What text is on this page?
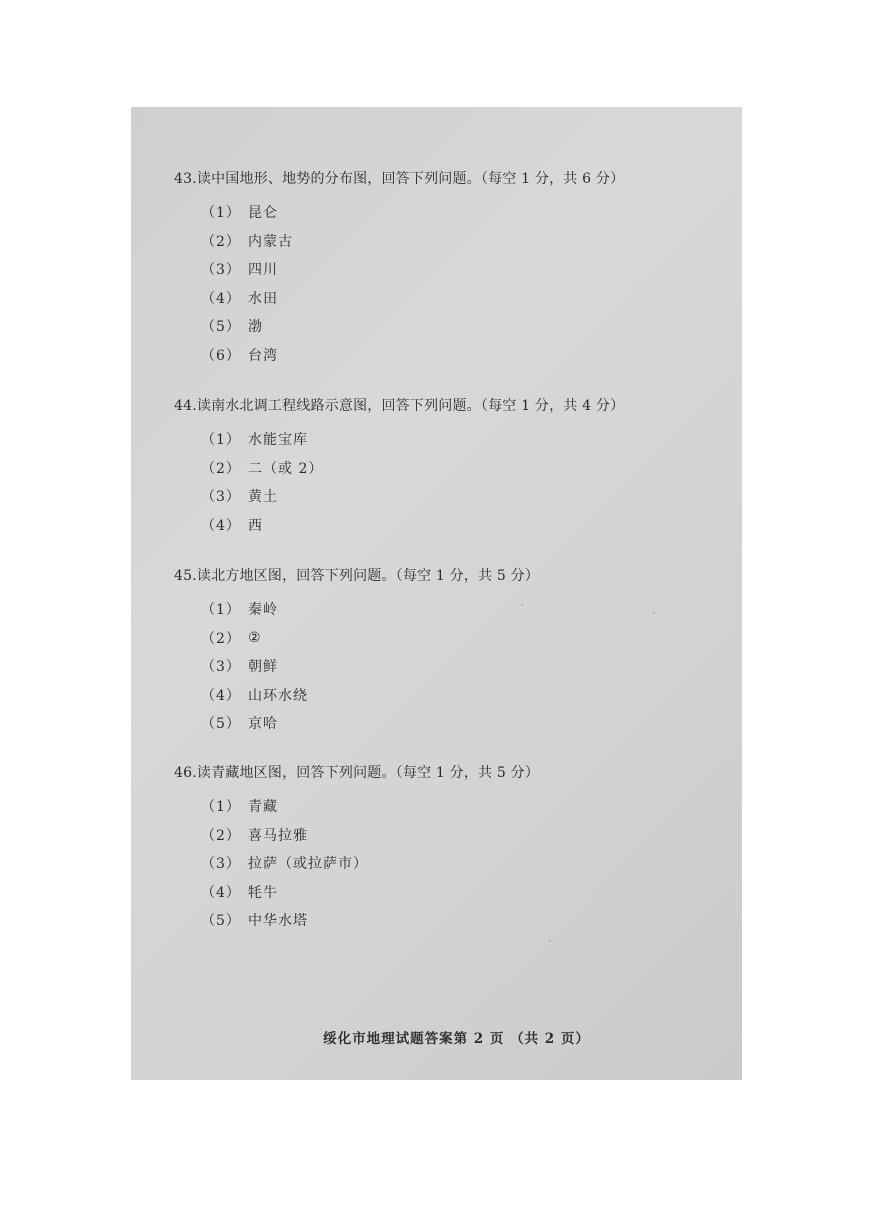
43.读中国地形、地势的分布图，回答下列问题。（每空 1 分，共 6 分）
（1） 昆仑
（2） 内蒙古
（3） 四川
（4） 水田
（5） 渤
（6） 台湾
44.读南水北调工程线路示意图，回答下列问题。（每空 1 分，共 4 分）
（1） 水能宝库
（2） 二（或 2）
（3） 黄土
（4） 西
45.读北方地区图，回答下列问题。（每空 1 分，共 5 分）
（1） 秦岭
（2） ②
（3） 朝鲜
（4） 山环水绕
（5） 京哈
46.读青藏地区图，回答下列问题。（每空 1 分，共 5 分）
（1） 青藏
（2） 喜马拉雅
（3） 拉萨（或拉萨市）
（4） 牦牛
（5） 中华水塔
绥化市地理试题答案第 2 页 （共 2 页）
